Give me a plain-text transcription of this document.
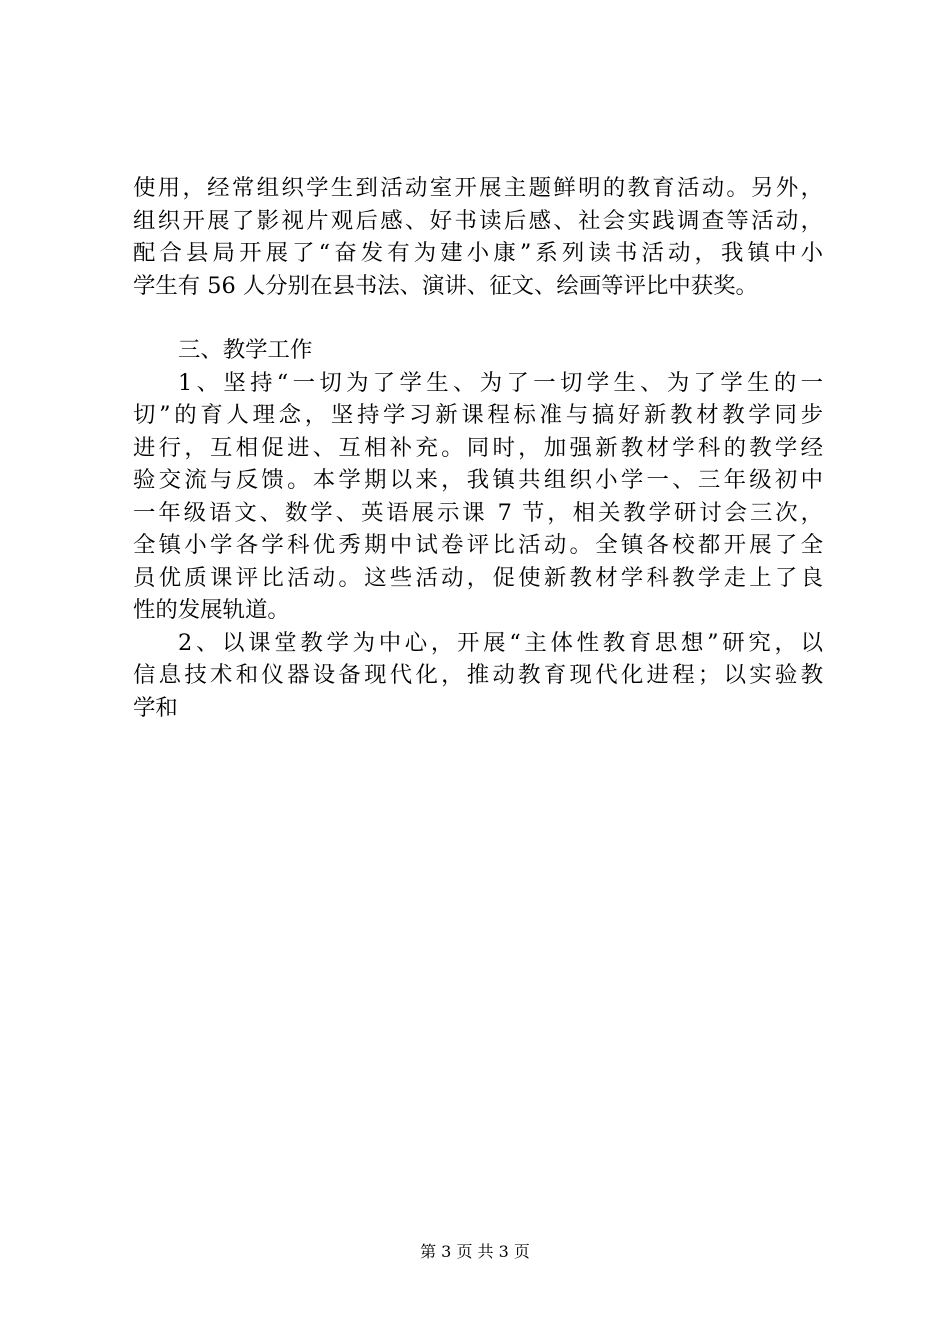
使用，经常组织学生到活动室开展主题鲜明的教育活动。另外，
组织开展了影视片观后感、好书读后感、社会实践调查等活动，
配合县局开展了“奋发有为建小康”系列读书活动，我镇中小
学生有 56 人分别在县书法、演讲、征文、绘画等评比中获奖。
三、教学工作
1、坚持“一切为了学生、为了一切学生、为了学生的一
切”的育人理念，坚持学习新课程标准与搞好新教材教学同步
进行，互相促进、互相补充。同时，加强新教材学科的教学经
验交流与反馈。本学期以来，我镇共组织小学一、三年级初中
一年级语文、数学、英语展示课 7 节，相关教学研讨会三次，
全镇小学各学科优秀期中试卷评比活动。全镇各校都开展了全
员优质课评比活动。这些活动，促使新教材学科教学走上了良
性的发展轨道。
2、以课堂教学为中心，开展“主体性教育思想”研究，以
信息技术和仪器设备现代化，推动教育现代化进程；以实验教
学和
第 3 页 共 3 页
